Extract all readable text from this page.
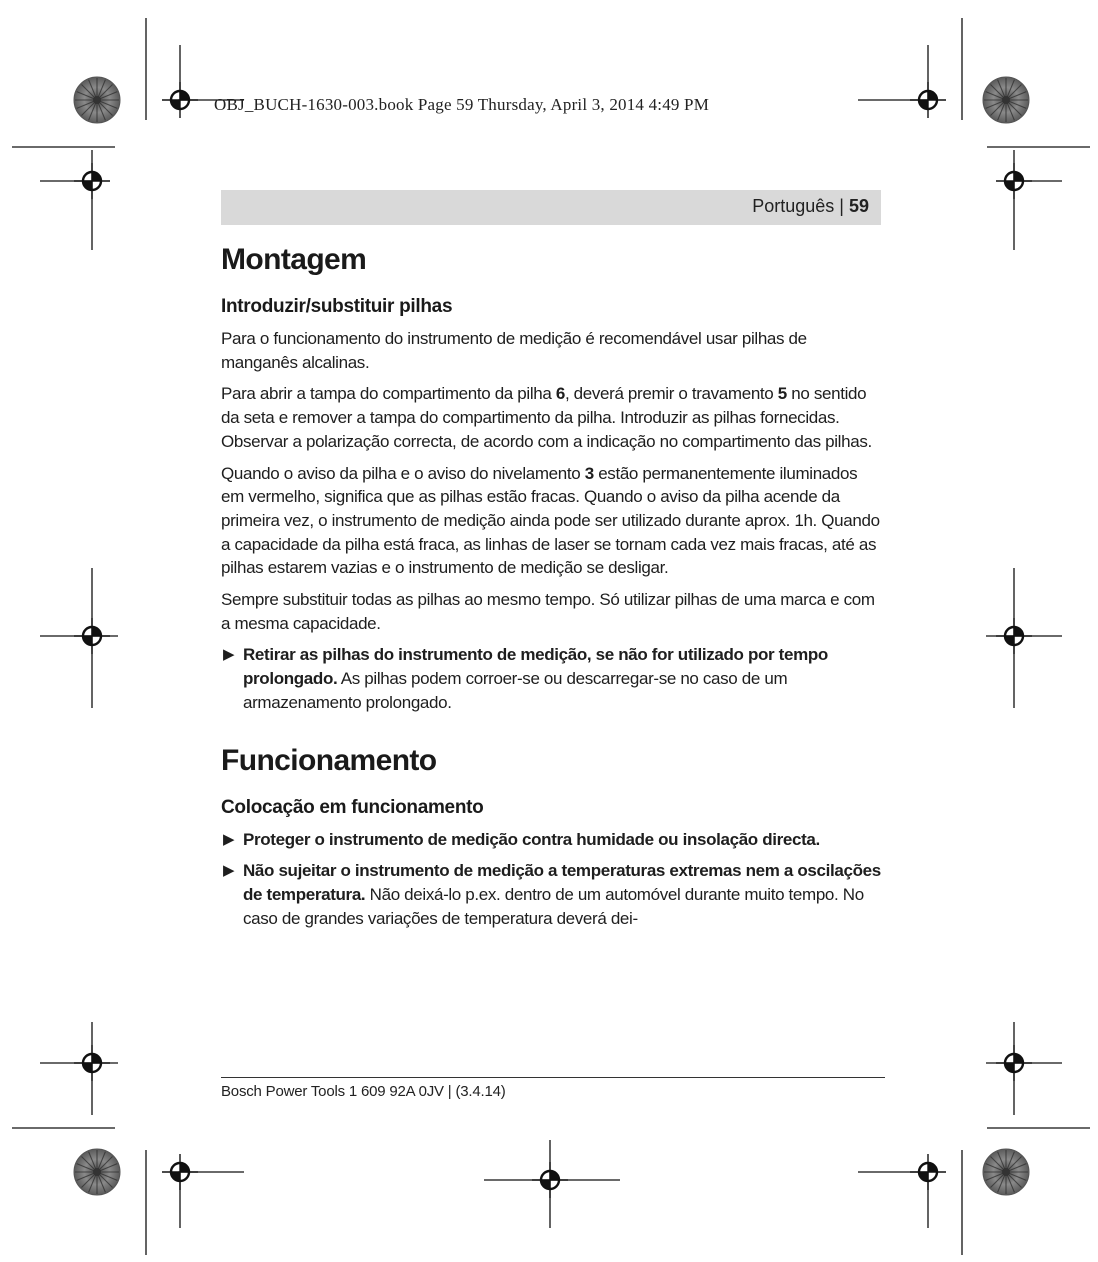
OBJ_BUCH-1630-003.book Page 59 Thursday, April 3, 2014 4:49 PM
Português | 59
Montagem
Introduzir/substituir pilhas

Para o funcionamento do instrumento de medição é recomendável usar pilhas de manganês alcalinas.

Para abrir a tampa do compartimento da pilha 6, deverá premir o travamento 5 no sentido da seta e remover a tampa do compartimento da pilha. Introduzir as pilhas fornecidas. Observar a polarização correcta, de acordo com a indicação no compartimento das pilhas.

Quando o aviso da pilha e o aviso do nivelamento 3 estão permanentemente iluminados em vermelho, significa que as pilhas estão fracas. Quando o aviso da pilha acende da primeira vez, o instrumento de medição ainda pode ser utilizado durante aprox. 1h. Quando a capacidade da pilha está fraca, as linhas de laser se tornam cada vez mais fracas, até as pilhas estarem vazias e o instrumento de medição se desligar.

Sempre substituir todas as pilhas ao mesmo tempo. Só utilizar pilhas de uma marca e com a mesma capacidade.

▶ Retirar as pilhas do instrumento de medição, se não for utilizado por tempo prolongado. As pilhas podem corroer-se ou descarregar-se no caso de um armazenamento prolongado.
Funcionamento
Colocação em funcionamento
▶ Proteger o instrumento de medição contra humidade ou insolação directa.
▶ Não sujeitar o instrumento de medição a temperaturas extremas nem a oscilações de temperatura. Não deixá-lo p.ex. dentro de um automóvel durante muito tempo. No caso de grandes variações de temperatura deverá dei-
Bosch Power Tools 1 609 92A 0JV | (3.4.14)
